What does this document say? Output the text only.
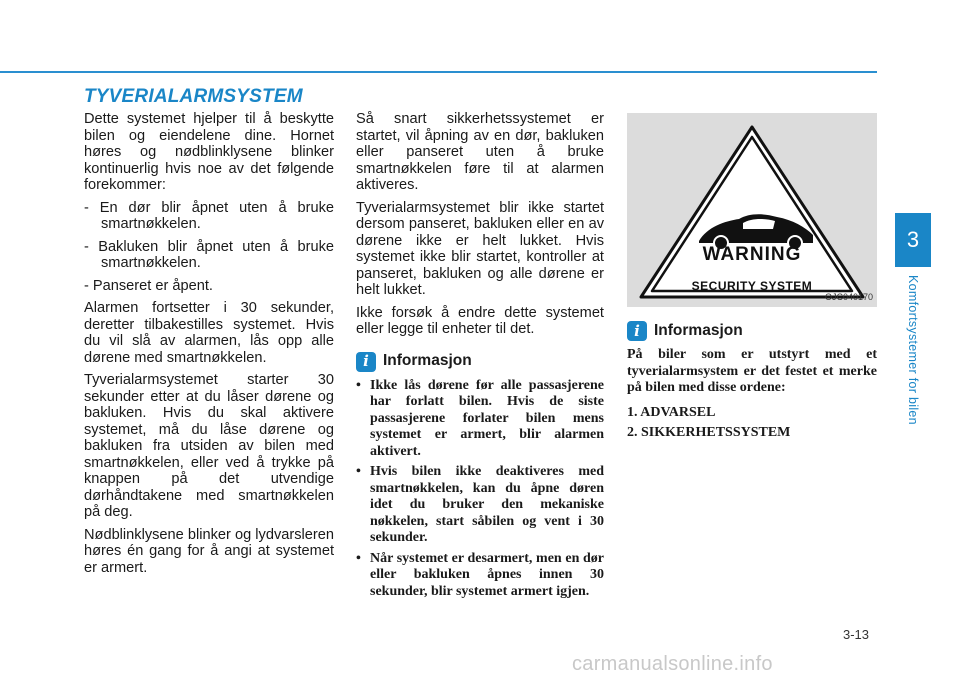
TYVERIALARMSYSTEM

Dette systemet hjelper til å beskytte bilen og eiendelene dine. Hornet høres og nødblinklysene blinker kontinuerlig hvis noe av det følgende forekommer:

- En dør blir åpnet uten å bruke smartnøkkelen.

- Bakluken blir åpnet uten å bruke smartnøkkelen.

- Panseret er åpent.

Alarmen fortsetter i 30 sekunder, deretter tilbakestilles systemet. Hvis du vil slå av alarmen, lås opp alle dørene med smartnøkkelen.

Tyverialarmsystemet starter 30 sekunder etter at du låser dørene og bakluken. Hvis du skal aktivere systemet, må du låse dørene og bakluken fra utsiden av bilen med smartnøkkelen, eller ved å trykke på knappen på det utvendige dørhåndtakene med smartnøkkelen på deg.

Nødblinklysene blinker og lydvarsleren høres én gang for å angi at systemet er armert.

Så snart sikkerhetssystemet er startet, vil åpning av en dør, bakluken eller panseret uten å bruke smartnøkkelen føre til at alarmen aktiveres.

Tyverialarmsystemet blir ikke startet dersom panseret, bakluken eller en av dørene ikke er helt lukket. Hvis systemet ikke blir startet, kontroller at panseret, bakluken og alle dørene er helt lukket.

Ikke forsøk å endre dette systemet eller legge til enheter til det.

i Informasjon
• Ikke lås dørene før alle passasjerene har forlatt bilen. Hvis de siste passasjerene forlater bilen mens systemet er armert, blir alarmen aktivert.
• Hvis bilen ikke deaktiveres med smartnøkkelen, kan du åpne døren idet du bruker den mekaniske nøkkelen, start såbilen og vent i 30 sekunder.
• Når systemet er desarmert, men en dør eller bakluken åpnes innen 30 sekunder, blir systemet armert igjen.
WARNING
SECURITY SYSTEM
OJC040170
i Informasjon

På biler som er utstyrt med et tyverialarmsystem er det festet et merke på bilen med disse ordene:

1. ADVARSEL

2. SIKKERHETSSYSTEM

3
Komfortsystemer for bilen
3-13
carmanualsonline.info
